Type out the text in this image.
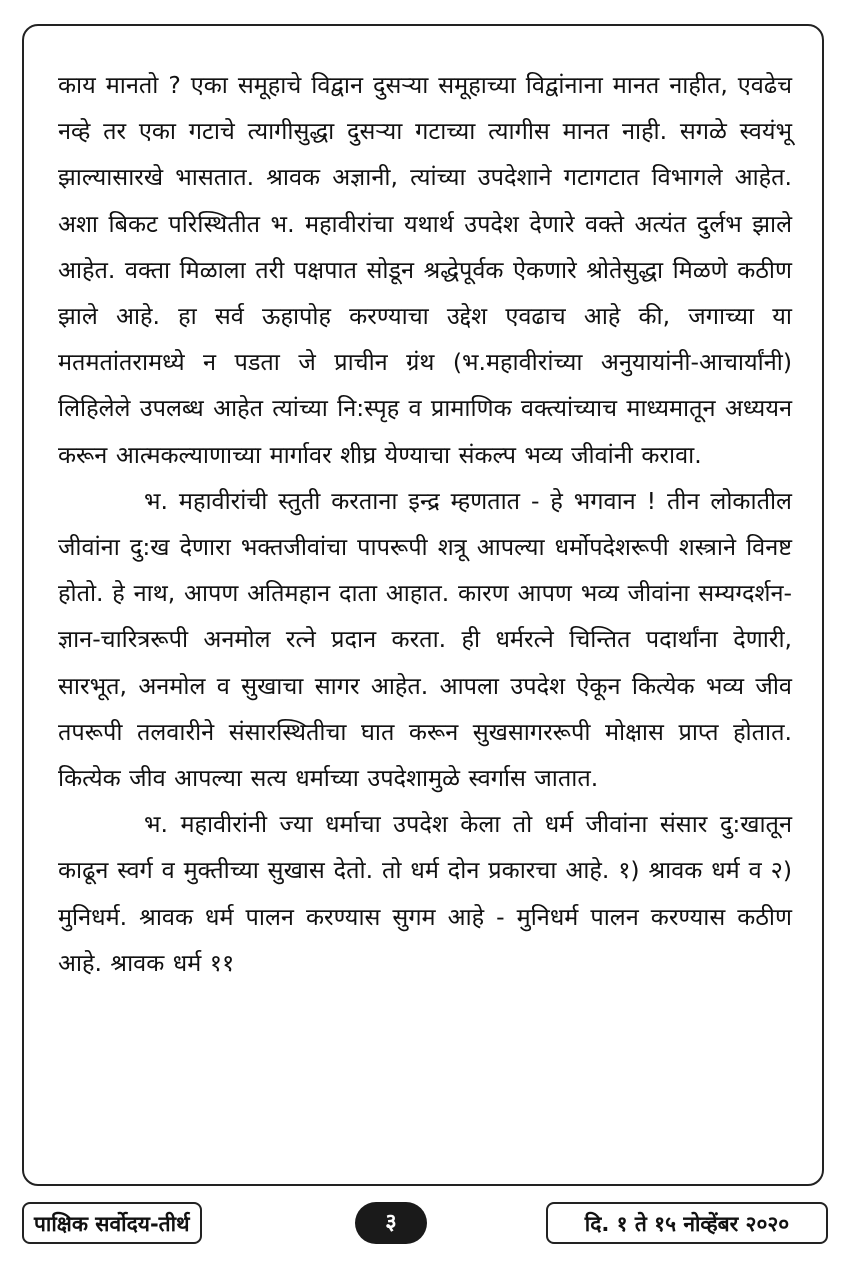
काय मानतो ? एका समूहाचे विद्वान दुसऱ्या समूहाच्या विद्वांनाना मानत नाहीत, एवढेच नव्हे तर एका गटाचे त्यागीसुद्धा दुसऱ्या गटाच्या त्यागीस मानत नाही. सगळे स्वयंभू झाल्यासारखे भासतात. श्रावक अज्ञानी, त्यांच्या उपदेशाने गटागटात विभागले आहेत. अशा बिकट परिस्थितीत भ. महावीरांचा यथार्थ उपदेश देणारे वक्ते अत्यंत दुर्लभ झाले आहेत. वक्ता मिळाला तरी पक्षपात सोडून श्रद्धेपूर्वक ऐकणारे श्रोतेसुद्धा मिळणे कठीण झाले आहे. हा सर्व ऊहापोह करण्याचा उद्देश एवढाच आहे की, जगाच्या या मतमतांतरामध्ये न पडता जे प्राचीन ग्रंथ (भ.महावीरांच्या अनुयायांनी-आचार्यांनी) लिहिलेले उपलब्ध आहेत त्यांच्या नि:स्पृह व प्रामाणिक वक्त्यांच्याच माध्यमातून अध्ययन करून आत्मकल्याणाच्या मार्गावर शीघ्र येण्याचा संकल्प भव्य जीवांनी करावा.

भ. महावीरांची स्तुती करताना इन्द्र म्हणतात - हे भगवान ! तीन लोकातील जीवांना दु:ख देणारा भक्तजीवांचा पापरूपी शत्रू आपल्या धर्मोपदेशरूपी शस्त्राने विनष्ट होतो. हे नाथ, आपण अतिमहान दाता आहात. कारण आपण भव्य जीवांना सम्यग्दर्शन-ज्ञान-चारित्ररूपी अनमोल रत्ने प्रदान करता. ही धर्मरत्ने चिन्तित पदार्थांना देणारी, सारभूत, अनमोल व सुखाचा सागर आहेत. आपला उपदेश ऐकून कित्येक भव्य जीव तपरूपी तलवारीने संसारस्थितीचा घात करून सुखसागररूपी मोक्षास प्राप्त होतात. कित्येक जीव आपल्या सत्य धर्माच्या उपदेशामुळे स्वर्गास जातात.

भ. महावीरांनी ज्या धर्माचा उपदेश केला तो धर्म जीवांना संसार दु:खातून काढून स्वर्ग व मुक्तीच्या सुखास देतो. तो धर्म दोन प्रकारचा आहे. १) श्रावक धर्म व २) मुनिधर्म. श्रावक धर्म पालन करण्यास सुगम आहे - मुनिधर्म पालन करण्यास कठीण आहे. श्रावक धर्म ११

पाक्षिक सर्वोदय-तीर्थ	३	दि. १ ते १५ नोव्हेंबर २०२०
